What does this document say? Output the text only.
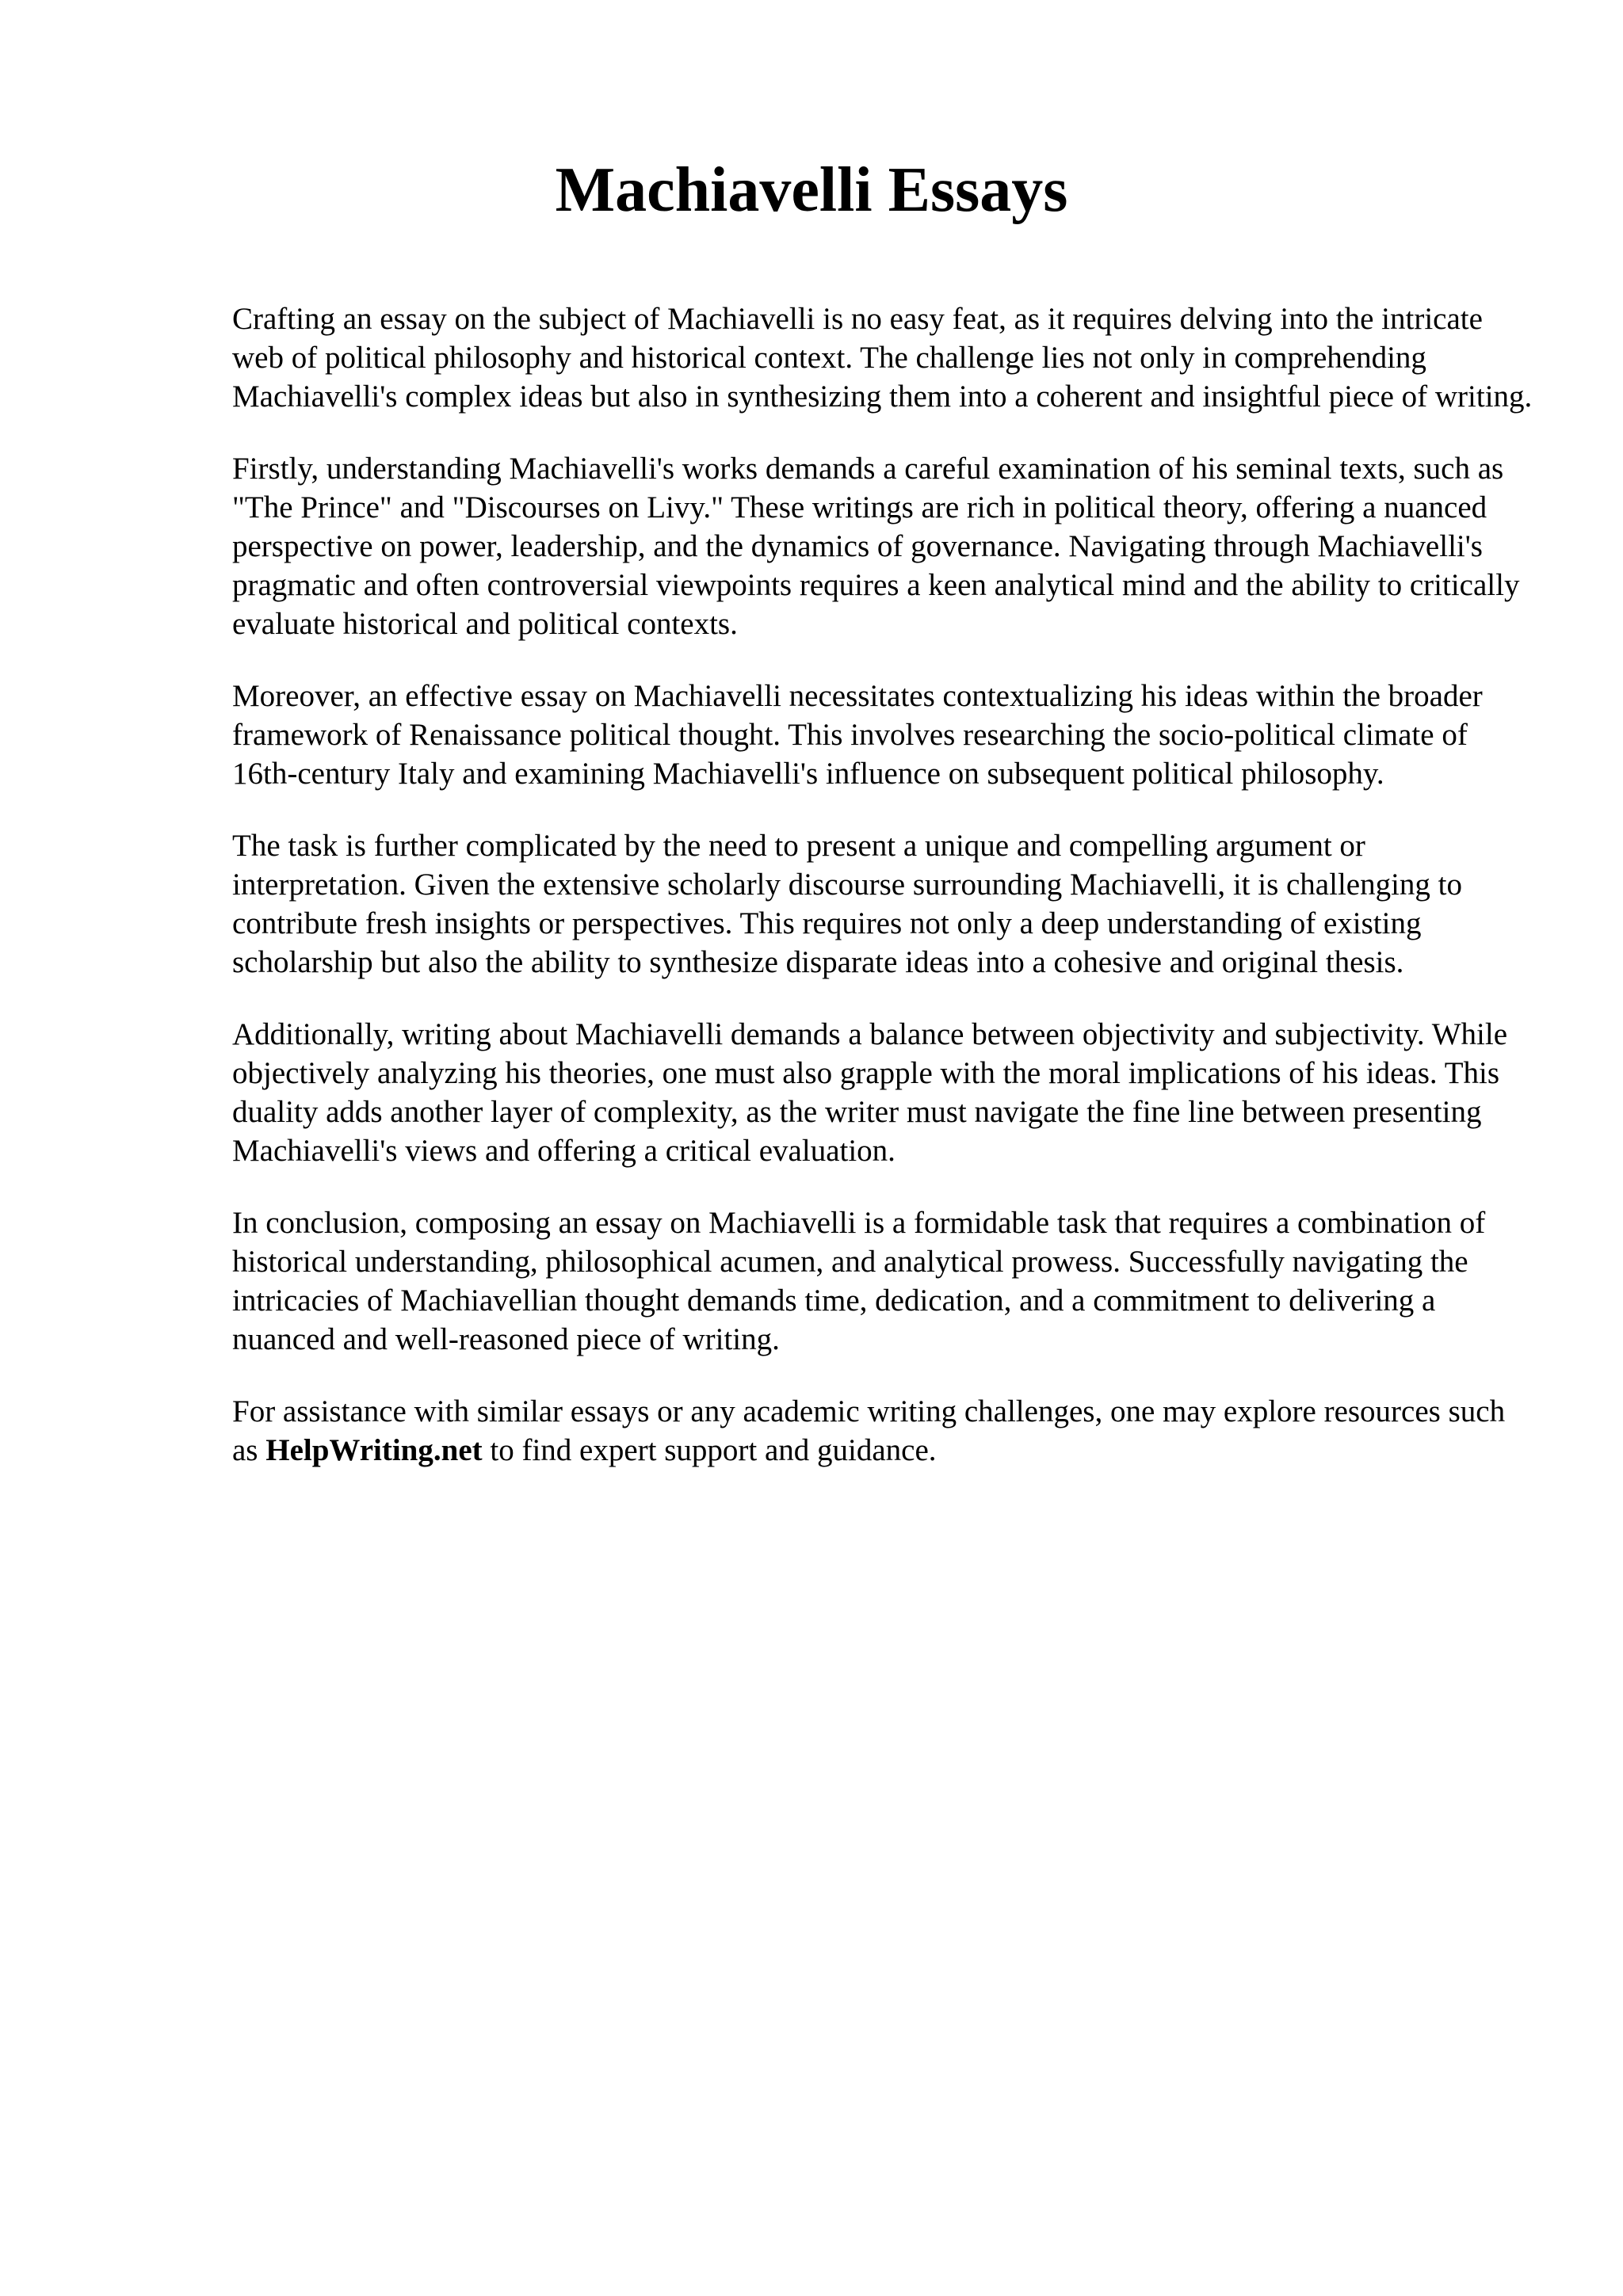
Machiavelli Essays

Crafting an essay on the subject of Machiavelli is no easy feat, as it requires delving into the intricate web of political philosophy and historical context. The challenge lies not only in comprehending Machiavelli's complex ideas but also in synthesizing them into a coherent and insightful piece of writing.

Firstly, understanding Machiavelli's works demands a careful examination of his seminal texts, such as "The Prince" and "Discourses on Livy." These writings are rich in political theory, offering a nuanced perspective on power, leadership, and the dynamics of governance. Navigating through Machiavelli's pragmatic and often controversial viewpoints requires a keen analytical mind and the ability to critically evaluate historical and political contexts.

Moreover, an effective essay on Machiavelli necessitates contextualizing his ideas within the broader framework of Renaissance political thought. This involves researching the socio-political climate of 16th-century Italy and examining Machiavelli's influence on subsequent political philosophy.

The task is further complicated by the need to present a unique and compelling argument or interpretation. Given the extensive scholarly discourse surrounding Machiavelli, it is challenging to contribute fresh insights or perspectives. This requires not only a deep understanding of existing scholarship but also the ability to synthesize disparate ideas into a cohesive and original thesis.

Additionally, writing about Machiavelli demands a balance between objectivity and subjectivity. While objectively analyzing his theories, one must also grapple with the moral implications of his ideas. This duality adds another layer of complexity, as the writer must navigate the fine line between presenting Machiavelli's views and offering a critical evaluation.

In conclusion, composing an essay on Machiavelli is a formidable task that requires a combination of historical understanding, philosophical acumen, and analytical prowess. Successfully navigating the intricacies of Machiavellian thought demands time, dedication, and a commitment to delivering a nuanced and well-reasoned piece of writing.

For assistance with similar essays or any academic writing challenges, one may explore resources such as HelpWriting.net to find expert support and guidance.
